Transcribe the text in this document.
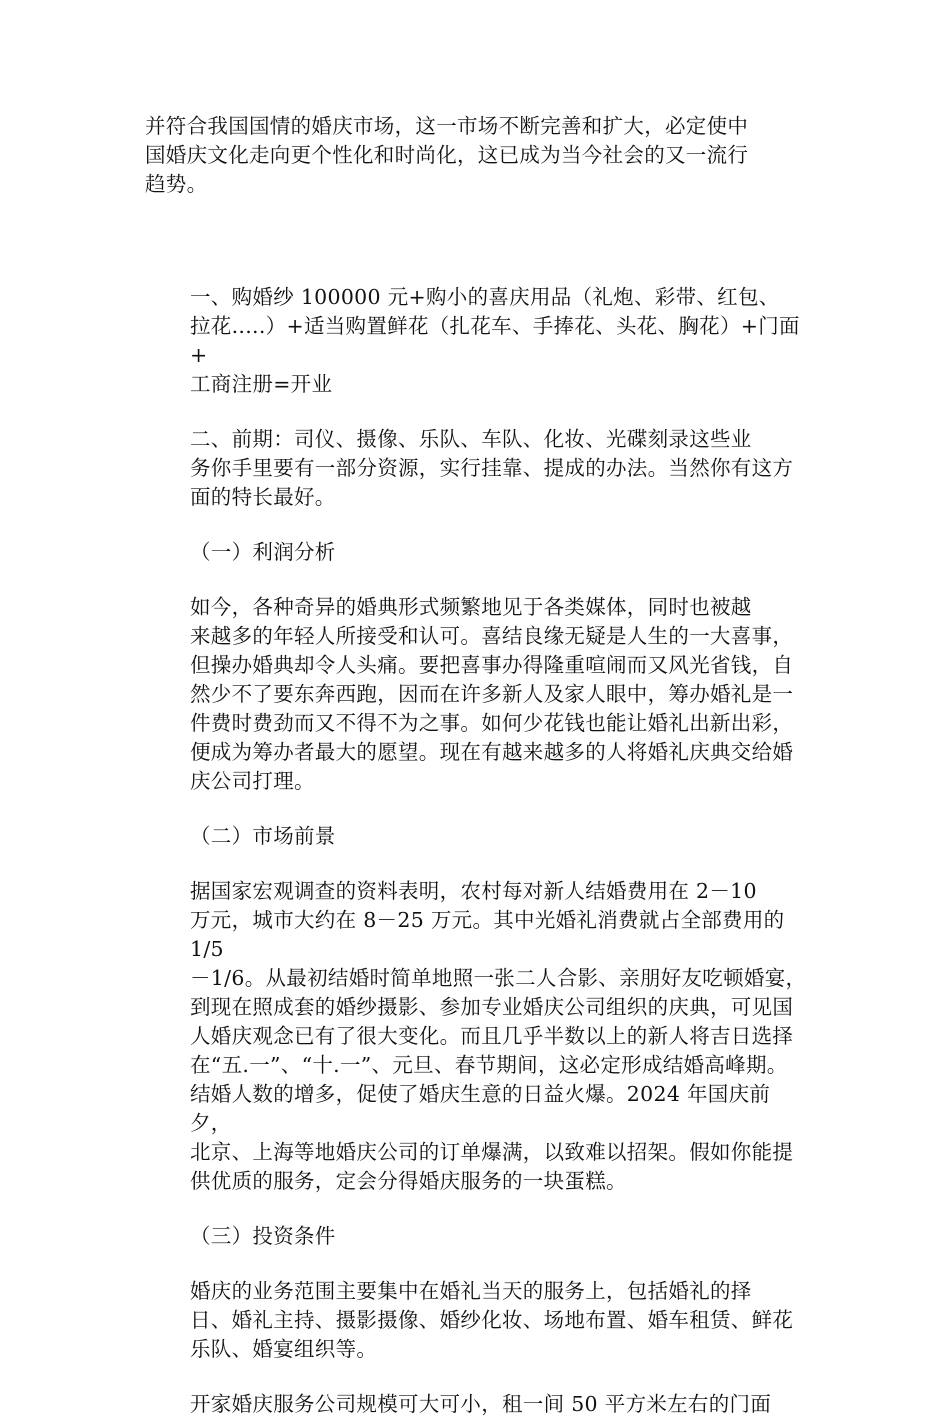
并符合我国国情的婚庆市场，这一市场不断完善和扩大，必定使中
国婚庆文化走向更个性化和时尚化，这已成为当今社会的又一流行
趋势。

一、购婚纱 100000 元+购小的喜庆用品（礼炮、彩带、红包、
拉花.....）+适当购置鲜花（扎花车、手捧花、头花、胸花）+门面+
工商注册=开业

二、前期：司仪、摄像、乐队、车队、化妆、光碟刻录这些业
务你手里要有一部分资源，实行挂靠、提成的办法。当然你有这方
面的特长最好。

（一）利润分析

如今，各种奇异的婚典形式频繁地见于各类媒体，同时也被越
来越多的年轻人所接受和认可。喜结良缘无疑是人生的一大喜事，
但操办婚典却令人头痛。要把喜事办得隆重喧闹而又风光省钱，自
然少不了要东奔西跑，因而在许多新人及家人眼中，筹办婚礼是一
件费时费劲而又不得不为之事。如何少花钱也能让婚礼出新出彩，
便成为筹办者最大的愿望。现在有越来越多的人将婚礼庆典交给婚
庆公司打理。

（二）市场前景

据国家宏观调查的资料表明，农村每对新人结婚费用在 2－10
万元，城市大约在 8－25 万元。其中光婚礼消费就占全部费用的 1/5
－1/6。从最初结婚时简单地照一张二人合影、亲朋好友吃顿婚宴，
到现在照成套的婚纱摄影、参加专业婚庆公司组织的庆典，可见国
人婚庆观念已有了很大变化。而且几乎半数以上的新人将吉日选择
在“五.一”、“十.一”、元旦、春节期间，这必定形成结婚高峰期。
结婚人数的增多，促使了婚庆生意的日益火爆。2024 年国庆前夕，
北京、上海等地婚庆公司的订单爆满，以致难以招架。假如你能提
供优质的服务，定会分得婚庆服务的一块蛋糕。

（三）投资条件

婚庆的业务范围主要集中在婚礼当天的服务上，包括婚礼的择
日、婚礼主持、摄影摄像、婚纱化妆、场地布置、婚车租赁、鲜花
乐队、婚宴组织等。

开家婚庆服务公司规模可大可小，租一间 50 平方米左右的门面
